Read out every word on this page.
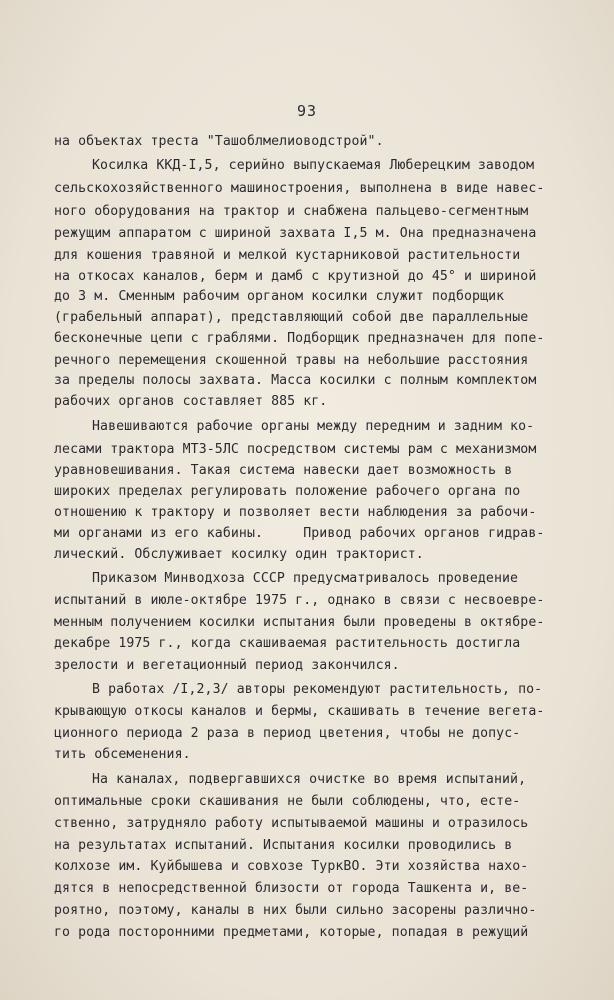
93
на объектах треста "Ташоблмелиоводстрой".
Косилка ККД-I,5, серийно выпускаемая Люберецким заводом
сельскохозяйственного машиностроения, выполнена в виде навес-
ного оборудования на трактор и снабжена пальцево-сегментным
режущим аппаратом с шириной захвата I,5 м. Она предназначена
для кошения травяной и мелкой кустарниковой растительности
на откосах каналов, берм и дамб с крутизной до 45° и шириной
до 3 м. Сменным рабочим органом косилки служит подборщик
(грабельный аппарат), представляющий собой две параллельные
бесконечные цепи с граблями. Подборщик предназначен для попе-
речного перемещения скошенной травы на небольшие расстояния
за пределы полосы захвата. Масса косилки с полным комплектом
рабочих органов составляет 885 кг.
Навешиваются рабочие органы между передним и задним ко-
лесами трактора МТЗ-5ЛС посредством системы рам с механизмом
уравновешивания. Такая система навески дает возможность в
широких пределах регулировать положение рабочего органа по
отношению к трактору и позволяет вести наблюдения за рабочи-
ми органами из его кабины.     Привод рабочих органов гидрав-
лический. Обслуживает косилку один тракторист.
Приказом Минводхоза СССР предусматривалось проведение
испытаний в июле-октябре 1975 г., однако в связи с несвоевре-
менным получением косилки испытания были проведены в октябре-
декабре 1975 г., когда скашиваемая растительность достигла
зрелости и вегетационный период закончился.
В работах /I,2,3/ авторы рекомендуют растительность, по-
крывающую откосы каналов и бермы, скашивать в течение вегета-
ционного периода 2 раза в период цветения, чтобы не допус-
тить обсеменения.
На каналах, подвергавшихся очистке во время испытаний,
оптимальные сроки скашивания не были соблюдены, что, есте-
ственно, затрудняло работу испытываемой машины и отразилось
на результатах испытаний. Испытания косилки проводились в
колхозе им. Куйбышева и совхозе ТуркВО. Эти хозяйства нахо-
дятся в непосредственной близости от города Ташкента и, ве-
роятно, поэтому, каналы в них были сильно засорены различно-
го рода посторонними предметами, которые, попадая в режущий
